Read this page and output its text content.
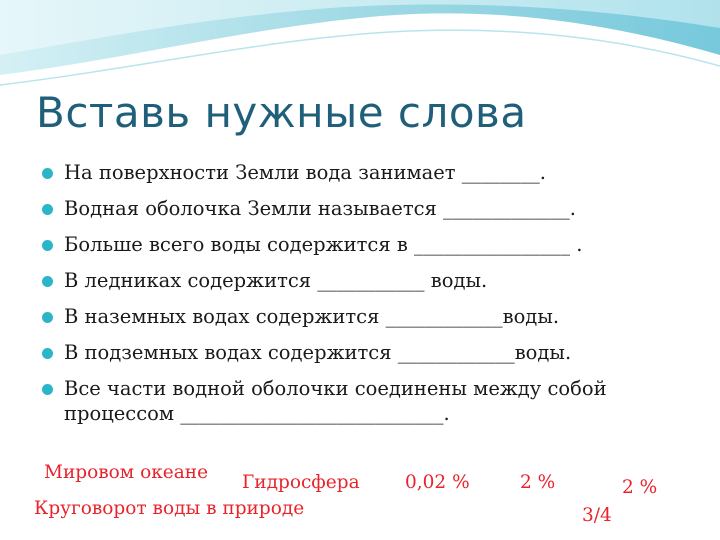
Вставь нужные слова
На поверхности Земли вода занимает ________.
Водная оболочка Земли называется _____________.
Больше всего воды содержится в ________________ .
В ледниках содержится ___________ воды.
В наземных водах содержится ____________воды.
В подземных водах содержится ____________воды.
Все части водной оболочки соединены между собой процессом ___________________________.
Мировом океане Гидросфера 0,02 %	2 %	2 %
Круговорот воды в природе	3/4
